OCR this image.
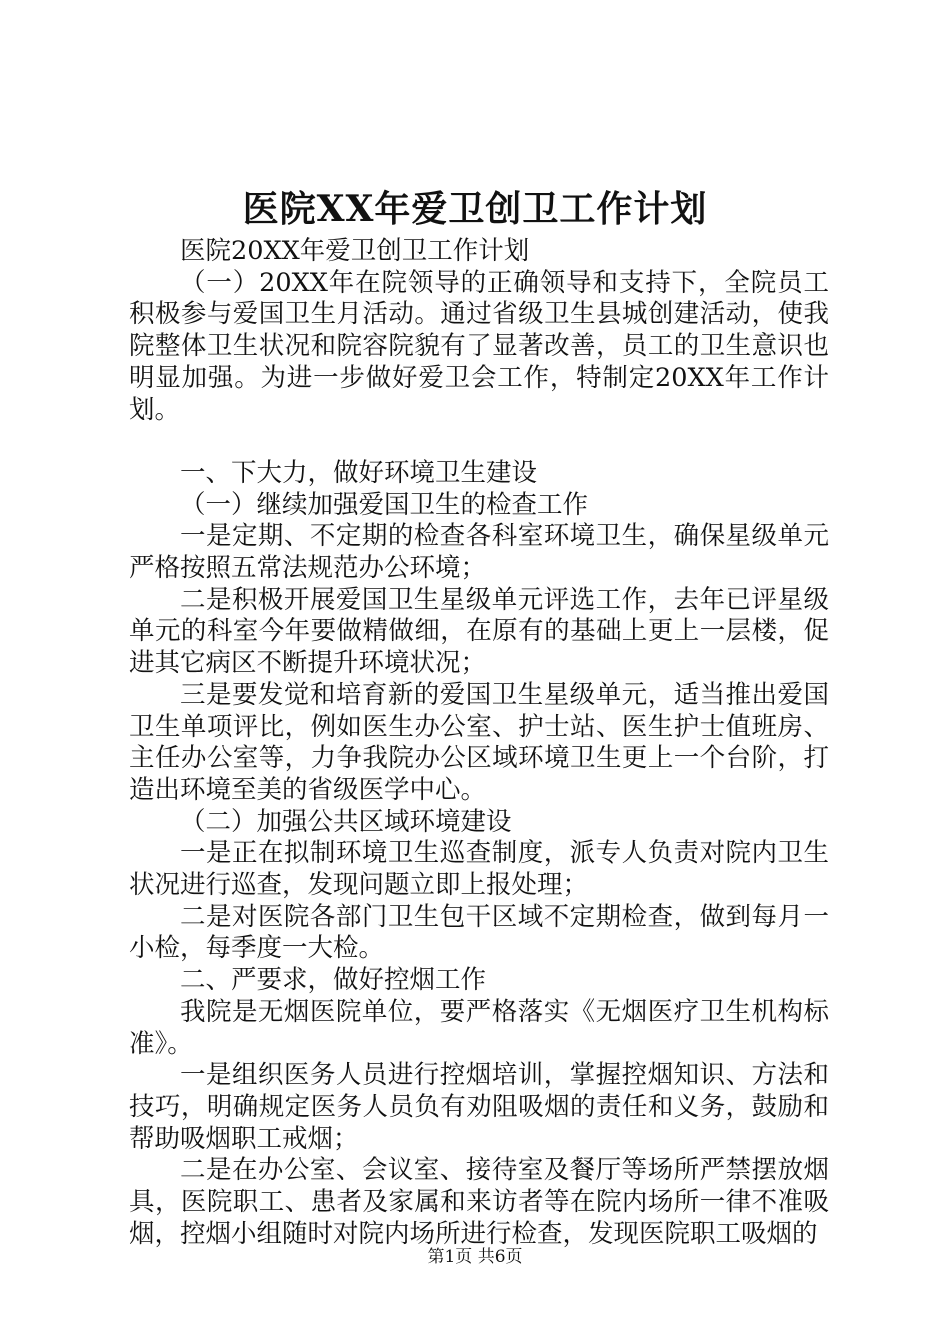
医院XX年爱卫创卫工作计划

医院20XX年爱卫创卫工作计划

（一）20XX年在院领导的正确领导和支持下，全院员工积极参与爱国卫生月活动。通过省级卫生县城创建活动，使我院整体卫生状况和院容院貌有了显著改善，员工的卫生意识也明显加强。为进一步做好爱卫会工作，特制定20XX年工作计划。

一、下大力，做好环境卫生建设

（一）继续加强爱国卫生的检查工作

一是定期、不定期的检查各科室环境卫生，确保星级单元严格按照五常法规范办公环境；

二是积极开展爱国卫生星级单元评选工作，去年已评星级单元的科室今年要做精做细，在原有的基础上更上一层楼，促进其它病区不断提升环境状况；

三是要发觉和培育新的爱国卫生星级单元，适当推出爱国卫生单项评比，例如医生办公室、护士站、医生护士值班房、主任办公室等，力争我院办公区域环境卫生更上一个台阶，打造出环境至美的省级医学中心。

（二）加强公共区域环境建设

一是正在拟制环境卫生巡查制度，派专人负责对院内卫生状况进行巡查，发现问题立即上报处理；

二是对医院各部门卫生包干区域不定期检查，做到每月一小检，每季度一大检。

二、严要求，做好控烟工作

我院是无烟医院单位，要严格落实《无烟医疗卫生机构标准》。

一是组织医务人员进行控烟培训，掌握控烟知识、方法和技巧，明确规定医务人员负有劝阻吸烟的责任和义务，鼓励和帮助吸烟职工戒烟；

二是在办公室、会议室、接待室及餐厅等场所严禁摆放烟具，医院职工、患者及家属和来访者等在院内场所一律不准吸烟，控烟小组随时对院内场所进行检查，发现医院职工吸烟的

第1页 共6页
